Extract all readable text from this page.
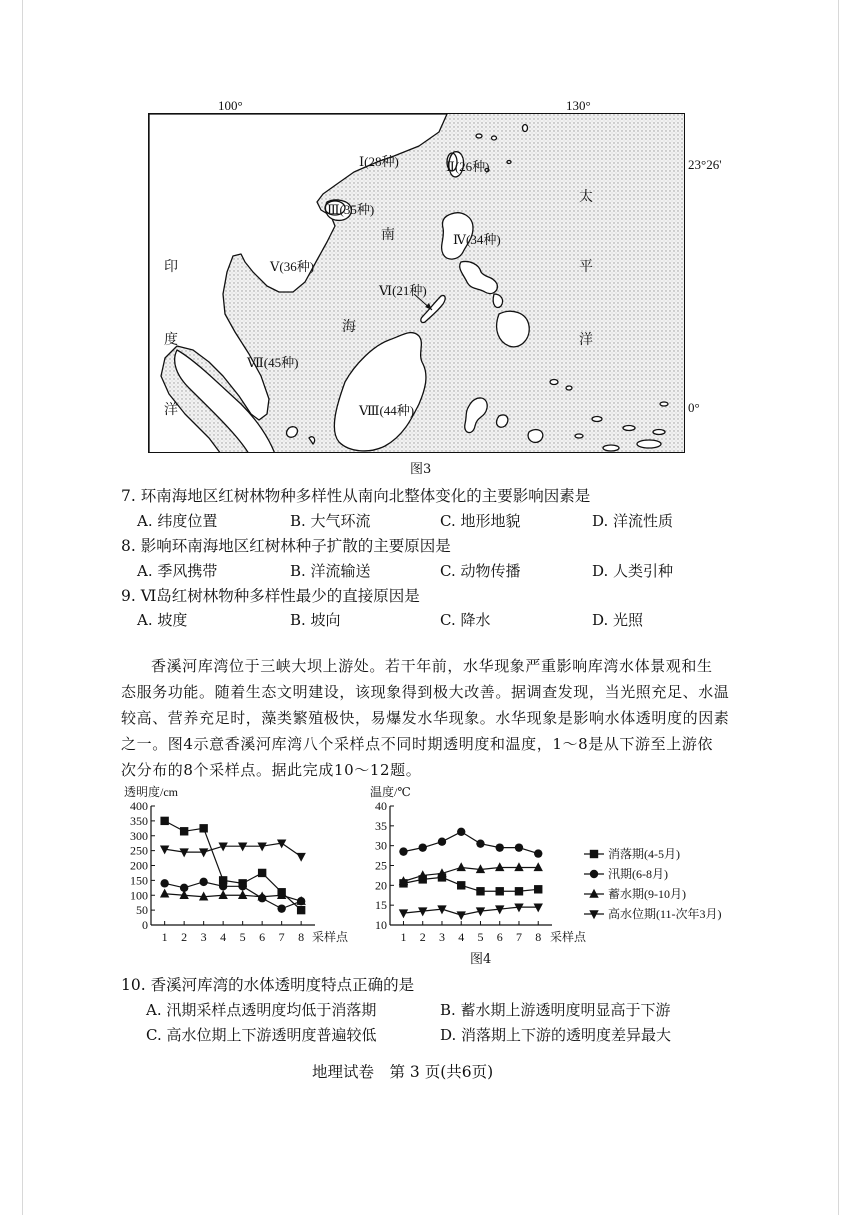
100°	130°
23°26'
0°
Ⅰ(28种)	Ⅱ(26种)
Ⅲ(35种)
Ⅳ(34种)
Ⅴ(36种)
Ⅵ(21种)
Ⅶ(45种)
Ⅷ(44种)
印
度
洋
南
海
太
平
洋
图3
7. 环南海地区红树林物种多样性从南向北整体变化的主要影响因素是
A. 纬度位置	B. 大气环流	C. 地形地貌	D. 洋流性质
8. 影响环南海地区红树林种子扩散的主要原因是
A. 季风携带	B. 洋流输送	C. 动物传播	D. 人类引种
9. Ⅵ岛红树林物种多样性最少的直接原因是
A. 坡度	B. 坡向	C. 降水	D. 光照

香溪河库湾位于三峡大坝上游处。若干年前，水华现象严重影响库湾水体景观和生

态服务功能。随着生态文明建设，该现象得到极大改善。据调查发现，当光照充足、水温

较高、营养充足时，藻类繁殖极快，易爆发水华现象。水华现象是影响水体透明度的因素

之一。图4示意香溪河库湾八个采样点不同时期透明度和温度，1～8是从下游至上游依

次分布的8个采样点。据此完成10～12题。

透明度/cm
0
50
100
150
200
250
300
350
400
1 2 3 4 5 6 7 8 采样点
温度/℃
10
15
20
25
30
35
40
1 2 3 4 5 6 7 8 采样点
消落期(4-5月)
汛期(6-8月)
蓄水期(9-10月)
高水位期(11-次年3月)
图4
10. 香溪河库湾的水体透明度特点正确的是
A. 汛期采样点透明度均低于消落期	B. 蓄水期上游透明度明显高于下游
C. 高水位期上下游透明度普遍较低	D. 消落期上下游的透明度差异最大
地理试卷　第 3 页(共6页)
